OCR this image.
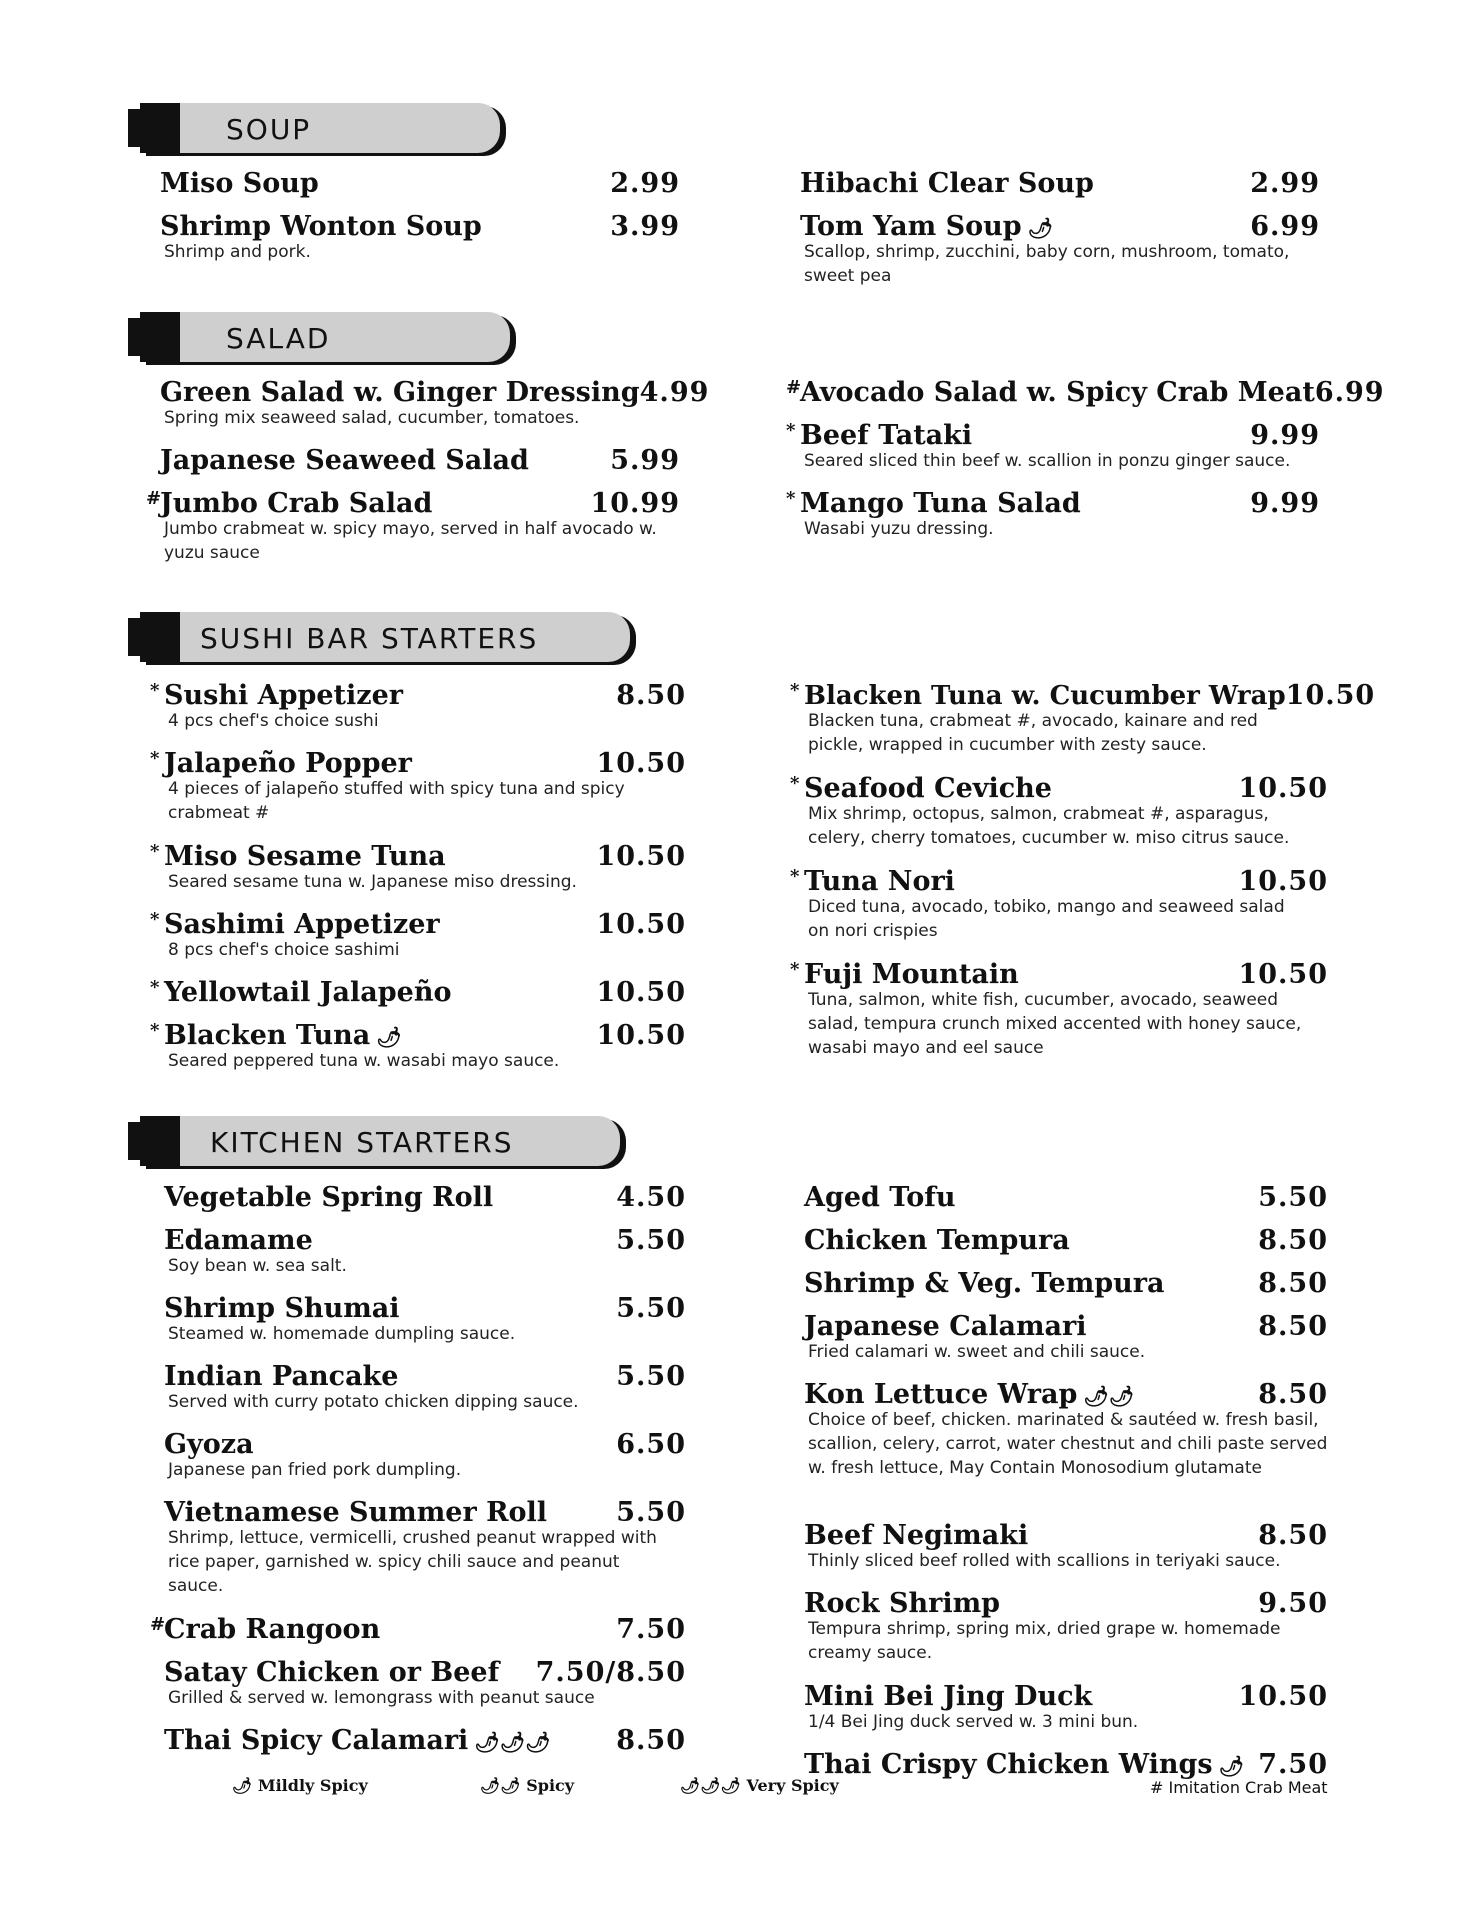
SOUP
Miso Soup	2.99
Shrimp Wonton Soup	3.99
Shrimp and pork.
Hibachi Clear Soup	2.99
Tom Yam Soup 🌶	6.99
Scallop, shrimp, zucchini, baby corn, mushroom, tomato, sweet pea
SALAD
Green Salad w. Ginger Dressing 4.99
Spring mix seaweed salad, cucumber, tomatoes.
Japanese Seaweed Salad	5.99
#
Jumbo Crab Salad	10.99
Jumbo crabmeat w. spicy mayo, served in half avocado w. yuzu sauce
#
Avocado Salad w. Spicy Crab Meat 6.99
* Beef Tataki	9.99
Seared sliced thin beef w. scallion in ponzu ginger sauce.
* Mango Tuna Salad	9.99
Wasabi yuzu dressing.
SUSHI BAR STARTERS
* Sushi Appetizer	8.50
4 pcs chef's choice sushi
* Jalapeño Popper	10.50
4 pieces of jalapeño stuffed with spicy tuna and spicy crabmeat #
* Miso Sesame Tuna	10.50
Seared sesame tuna w. Japanese miso dressing.
* Sashimi Appetizer	10.50
8 pcs chef's choice sashimi
* Yellowtail Jalapeño	10.50
* Blacken Tuna 🌶	10.50
Seared peppered tuna w. wasabi mayo sauce.
* Blacken Tuna w. Cucumber Wrap 10.50
Blacken tuna, crabmeat #, avocado, kainare and red pickle, wrapped in cucumber with zesty sauce.
* Seafood Ceviche	10.50
Mix shrimp, octopus, salmon, crabmeat #, asparagus, celery, cherry tomatoes, cucumber w. miso citrus sauce.
* Tuna Nori	10.50
Diced tuna, avocado, tobiko, mango and seaweed salad on nori crispies
* Fuji Mountain	10.50
Tuna, salmon, white fish, cucumber, avocado, seaweed salad, tempura crunch mixed accented with honey sauce, wasabi mayo and eel sauce
KITCHEN STARTERS
Vegetable Spring Roll	4.50
Edamame	5.50
Soy bean w. sea salt.
Shrimp Shumai	5.50
Steamed w. homemade dumpling sauce.
Indian Pancake	5.50
Served with curry potato chicken dipping sauce.
Gyoza	6.50
Japanese pan fried pork dumpling.
Vietnamese Summer Roll	5.50
Shrimp, lettuce, vermicelli, crushed peanut wrapped with rice paper, garnished w. spicy chili sauce and peanut sauce.
#
Crab Rangoon	7.50
Satay Chicken or Beef 7.50/8.50
Grilled & served w. lemongrass with peanut sauce
Thai Spicy Calamari 🌶🌶🌶 8.50
Aged Tofu	5.50
Chicken Tempura	8.50
Shrimp & Veg. Tempura	8.50
Japanese Calamari	8.50
Fried calamari w. sweet and chili sauce.
Kon Lettuce Wrap 🌶🌶	8.50
Choice of beef, chicken. marinated & sautéed w. fresh basil, scallion, celery, carrot, water chestnut and chili paste served w. fresh lettuce, May Contain Monosodium glutamate
Beef Negimaki	8.50
Thinly sliced beef rolled with scallions in teriyaki sauce.
Rock Shrimp	9.50
Tempura shrimp, spring mix, dried grape w. homemade creamy sauce.
Mini Bei Jing Duck	10.50
1/4 Bei Jing duck served w. 3 mini bun.
Thai Crispy Chicken Wings 🌶 7.50
🌶 Mildly Spicy	🌶🌶 Spicy	🌶🌶🌶 Very Spicy	# Imitation Crab Meat
